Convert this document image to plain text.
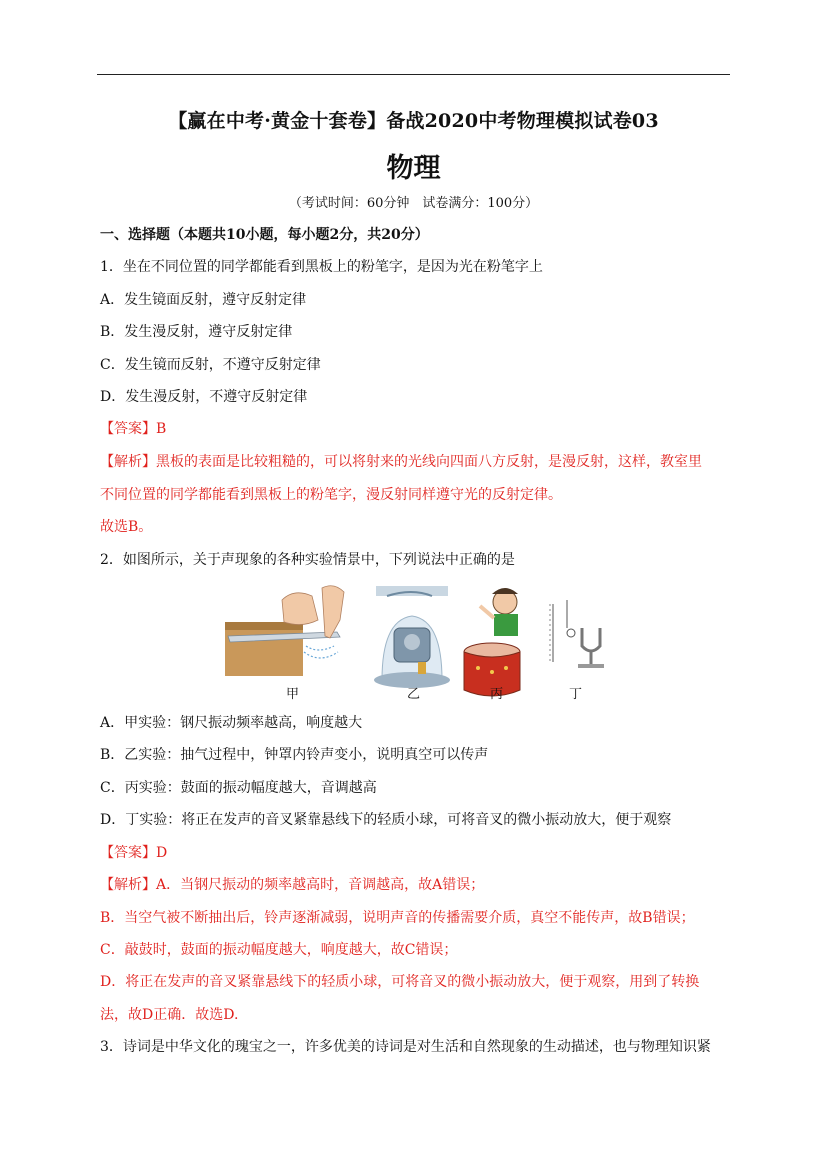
【赢在中考·黄金十套卷】备战2020中考物理模拟试卷03
物理
（考试时间：60分钟　试卷满分：100分）
一、选择题（本题共10小题，每小题2分，共20分）
1．坐在不同位置的同学都能看到黑板上的粉笔字，是因为光在粉笔字上
A．发生镜面反射，遵守反射定律
B．发生漫反射，遵守反射定律
C．发生镜而反射，不遵守反射定律
D．发生漫反射，不遵守反射定律
【答案】B
【解析】黑板的表面是比较粗糙的，可以将射来的光线向四面八方反射，是漫反射，这样，教室里
不同位置的同学都能看到黑板上的粉笔字，漫反射同样遵守光的反射定律。
故选B。
2．如图所示，关于声现象的各种实验情景中，下列说法中正确的是
甲	乙	丙	丁
A．甲实验：钢尺振动频率越高，响度越大
B．乙实验：抽气过程中，钟罩内铃声变小，说明真空可以传声
C．丙实验：鼓面的振动幅度越大，音调越高
D．丁实验：将正在发声的音叉紧靠悬线下的轻质小球，可将音叉的微小振动放大，便于观察
【答案】D
【解析】A．当钢尺振动的频率越高时，音调越高，故A错误；
B．当空气被不断抽出后，铃声逐渐减弱，说明声音的传播需要介质，真空不能传声，故B错误；
C．敲鼓时，鼓面的振动幅度越大，响度越大，故C错误；
D．将正在发声的音叉紧靠悬线下的轻质小球，可将音叉的微小振动放大，便于观察，用到了转换
法，故D正确．故选D.
3．诗词是中华文化的瑰宝之一，许多优美的诗词是对生活和自然现象的生动描述，也与物理知识紧
